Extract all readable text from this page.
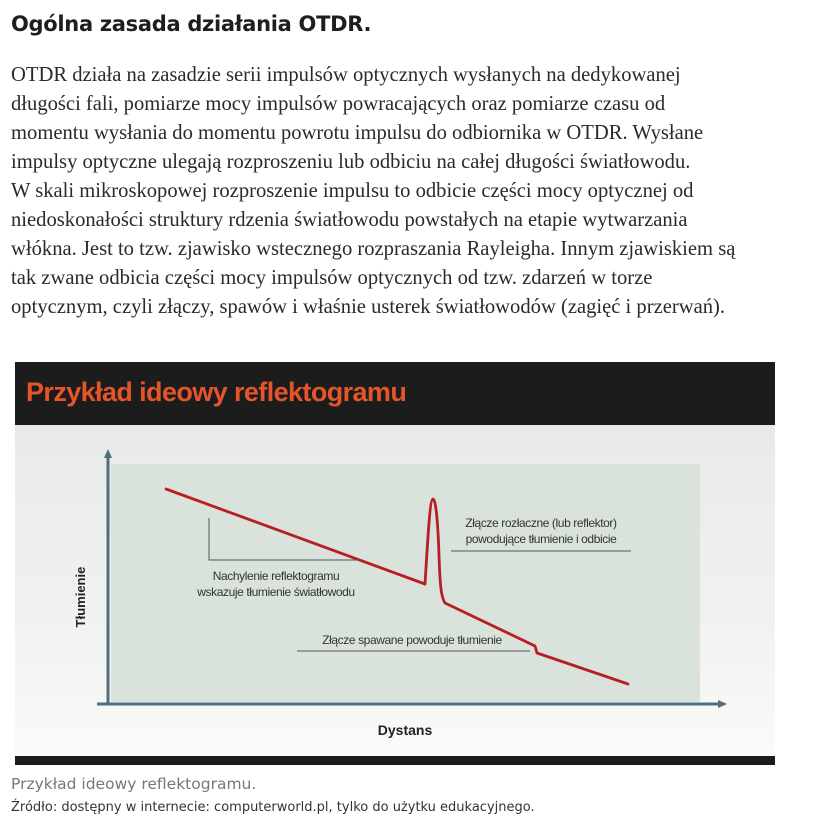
Ogólna zasada działania OTDR.
OTDR działa na zasadzie serii impulsów optycznych wysłanych na dedykowanej
długości fali, pomiarze mocy impulsów powracających oraz pomiarze czasu od
momentu wysłania do momentu powrotu impulsu do odbiornika w OTDR. Wysłane
impulsy optyczne ulegają rozproszeniu lub odbiciu na całej długości światłowodu.
W skali mikroskopowej rozproszenie impulsu to odbicie części mocy optycznej od
niedoskonałości struktury rdzenia światłowodu powstałych na etapie wytwarzania
włókna. Jest to tzw. zjawisko wstecznego rozpraszania Rayleigha. Innym zjawiskiem są
tak zwane odbicia części mocy impulsów optycznych od tzw. zdarzeń w torze
optycznym, czyli złączy, spawów i właśnie usterek światłowodów (zagięć i przerwań).
Przykład ideowy reflektogramu
Tłumienie
Dystans
Złącze rozłaczne (lub reflektor)
powodujące tłumienie i odbicie
Nachylenie reflektogramu
wskazuje tłumienie światłowodu
Złącze spawane powoduje tłumienie
Przykład ideowy reflektogramu.
Źródło: dostępny w internecie: computerworld.pl, tylko do użytku edukacyjnego.
